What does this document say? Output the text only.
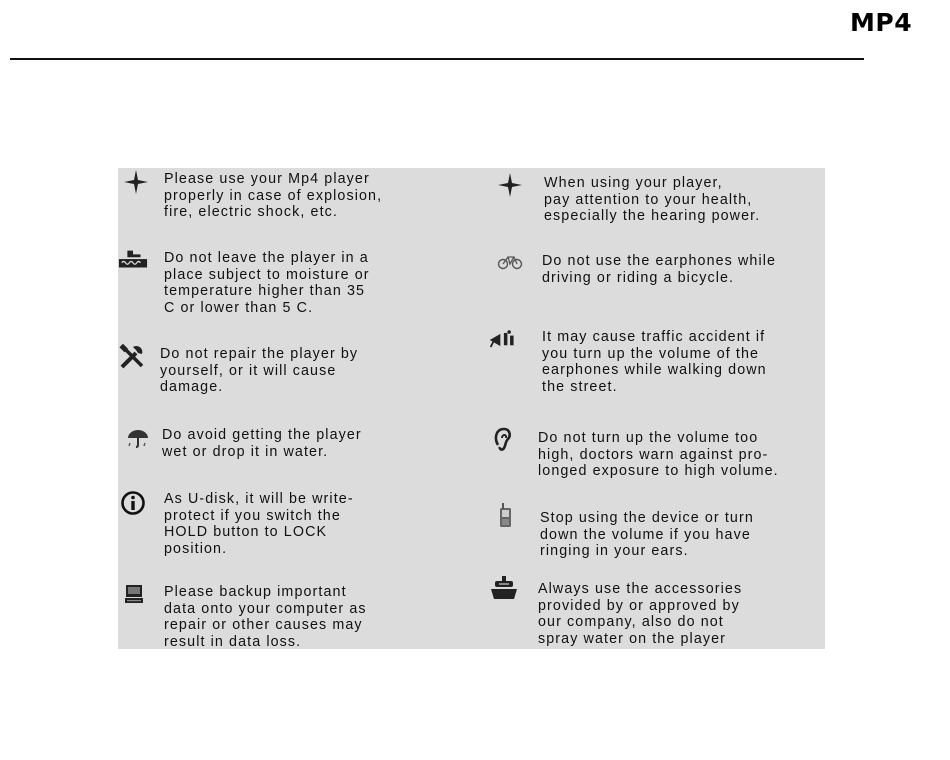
MP4
Please use your Mp4 player
properly in case of explosion,
fire, electric shock, etc.
Do not leave the player in a
place subject to moisture or
temperature higher than 35
C or lower than 5 C.
Do not repair the player by
yourself, or it will cause
damage.
Do avoid getting the player
wet or drop it in water.
As U-disk, it will be write-
protect if you switch the
HOLD button to LOCK
position.
Please backup important
data onto your computer as
repair or other causes may
result in data loss.
When using your player,
pay attention to your health,
especially the hearing power.
Do not use the earphones while
driving or riding a bicycle.
It may cause traffic accident if
you turn up the volume of the
earphones while walking down
the street.
Do not turn up the volume too
high, doctors warn against pro-
longed exposure to high volume.
Stop using the device or turn
down the volume if you have
ringing in your ears.
Always use the accessories
provided by or approved by
our company, also do not
spray water on the player
